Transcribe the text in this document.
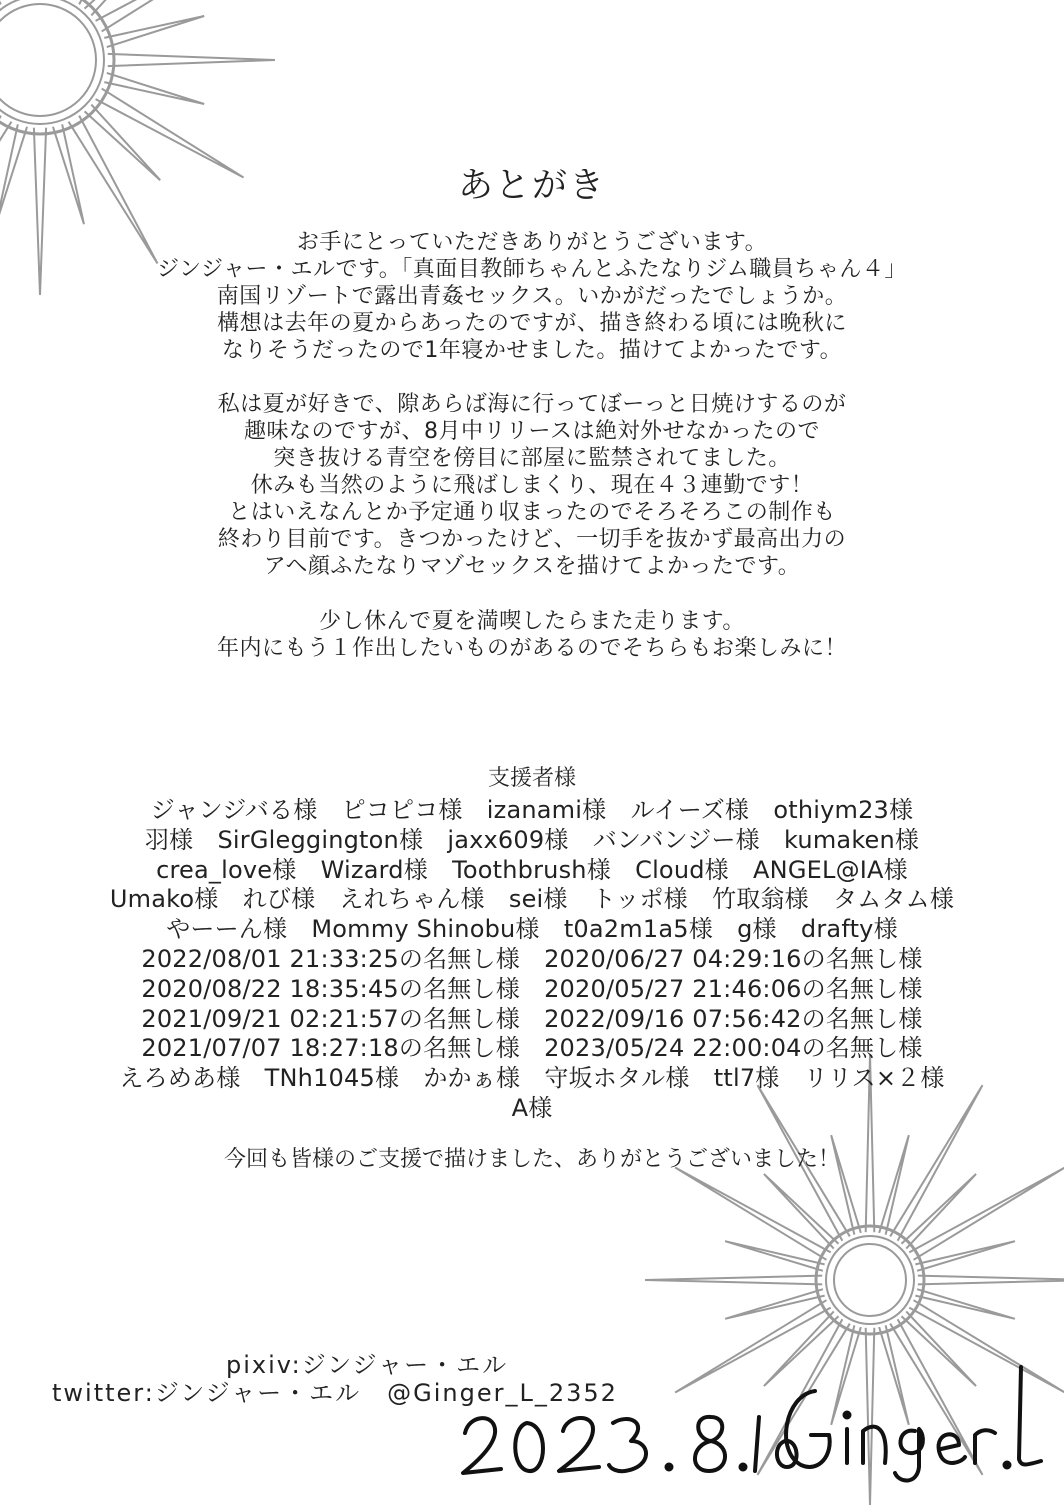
あとがき
お手にとっていただきありがとうございます。
ジンジャー・エルです。「真面目教師ちゃんとふたなりジム職員ちゃん４」
南国リゾートで露出青姦セックス。いかがだったでしょうか。
構想は去年の夏からあったのですが、描き終わる頃には晩秋に
なりそうだったので1年寝かせました。描けてよかったです。
私は夏が好きで、隙あらば海に行ってぼーっと日焼けするのが
趣味なのですが、8月中リリースは絶対外せなかったので
突き抜ける青空を傍目に部屋に監禁されてました。
休みも当然のように飛ばしまくり、現在４３連勤です！
とはいえなんとか予定通り収まったのでそろそろこの制作も
終わり目前です。きつかったけど、一切手を抜かず最高出力の
アヘ顔ふたなりマゾセックスを描けてよかったです。
少し休んで夏を満喫したらまた走ります。
年内にもう１作出したいものがあるのでそちらもお楽しみに！
支援者様
ジャンジバる様　ピコピコ様　izanami様　ルイーズ様　othiym23様
羽様　SirGleggington様　jaxx609様　バンバンジー様　kumaken様
crea_love様　Wizard様　Toothbrush様　Cloud様　ANGEL@IA様
Umako様　れび様　えれちゃん様　sei様　トッポ様　竹取翁様　タムタム様
やーーん様　Mommy Shinobu様　t0a2m1a5様　g様　drafty様
2022/08/01 21:33:25の名無し様　2020/06/27 04:29:16の名無し様
2020/08/22 18:35:45の名無し様　2020/05/27 21:46:06の名無し様
2021/09/21 02:21:57の名無し様　2022/09/16 07:56:42の名無し様
2021/07/07 18:27:18の名無し様　2023/05/24 22:00:04の名無し様
えろめあ様　TNh1045様　かかぁ様　守坂ホタル様　ttl7様　リリス×２様
A様
今回も皆様のご支援で描けました、ありがとうございました！
pixiv:ジンジャー・エル
twitter:ジンジャー・エル　@Ginger_L_2352
